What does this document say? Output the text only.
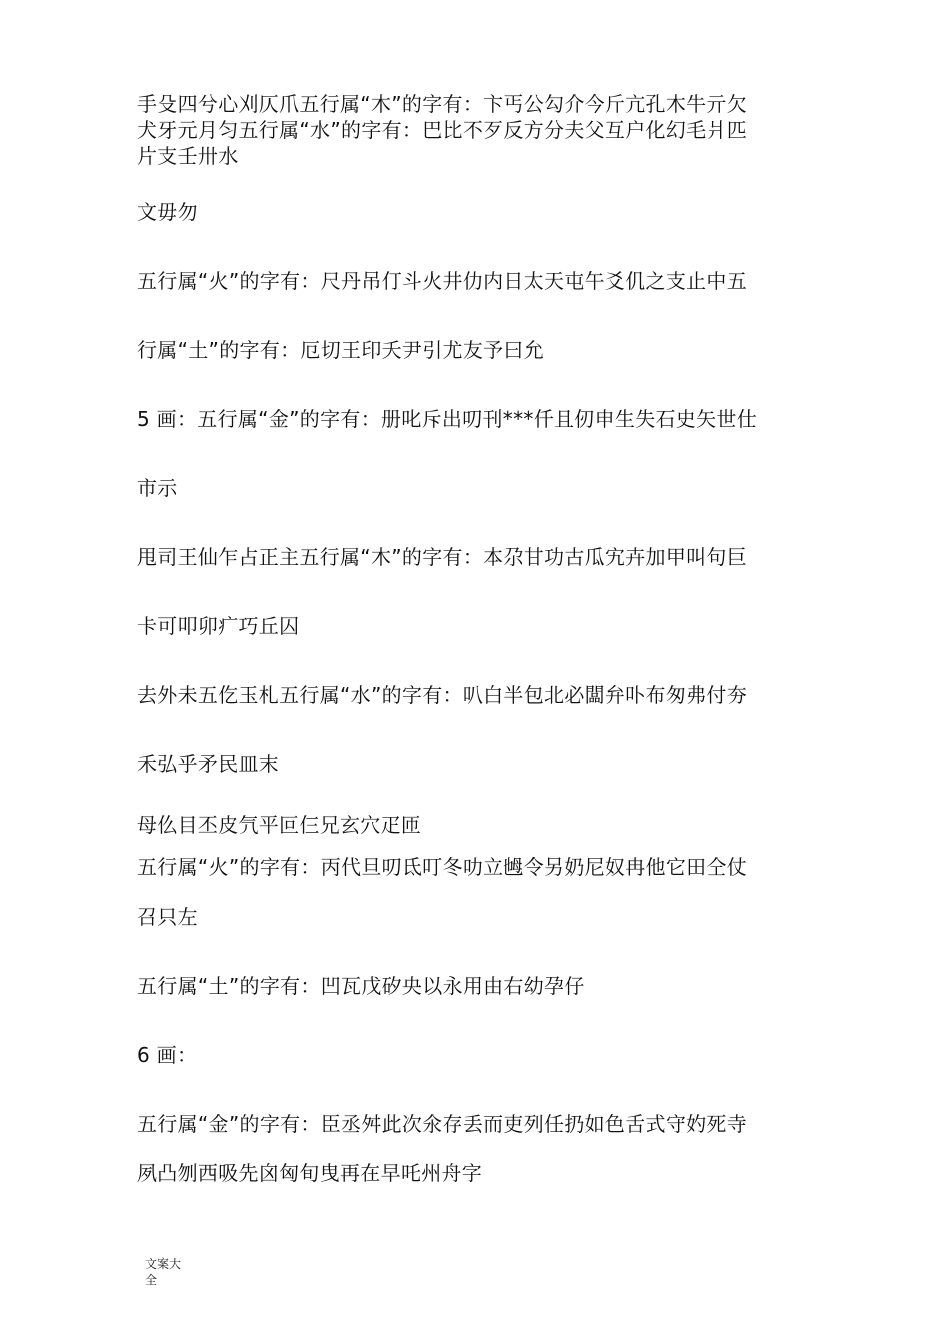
手殳四兮心刈仄爪五行属“木”的字有：卞丐公勾介今斤亢孔木牛亓欠
犬牙元月匀五行属“水”的字有：巴比不歹反方分夫父互户化幻毛爿匹
片支壬卅水
文毋勿
五行属“火”的字有：尺丹吊仃斗火井仂内日太天屯午爻仉之支止中五
行属“土”的字有：厄切王印夭尹引尤友予曰允
5 画：五行属“金”的字有：册叱斥出叨刊***仟且仞申生失石史矢世仕
市示
甩司王仙乍占正主五行属“木”的字有：本尕甘功古瓜宄卉加甲叫句巨
卡可叩卯疒巧丘囚
去外未五仡玉札五行属“水”的字有：叭白半包北必闆弁卟布匆弗付夯
禾弘乎矛民皿末
母仫目丕皮氕平叵仨兄玄穴疋匝
五行属“火”的字有：丙代旦叨氐叮冬叻立乸令另奶尼奴冉他它田仝仗
召只左
五行属“土”的字有：凹瓦戊矽央以永用由右幼孕仔
6 画：
五行属“金”的字有：臣丞舛此次氽存丢而吏列任扔如色舌式守妁死寺
夙凸刎西吸先囟匈旬曳再在早吒州舟字
文案大
全
